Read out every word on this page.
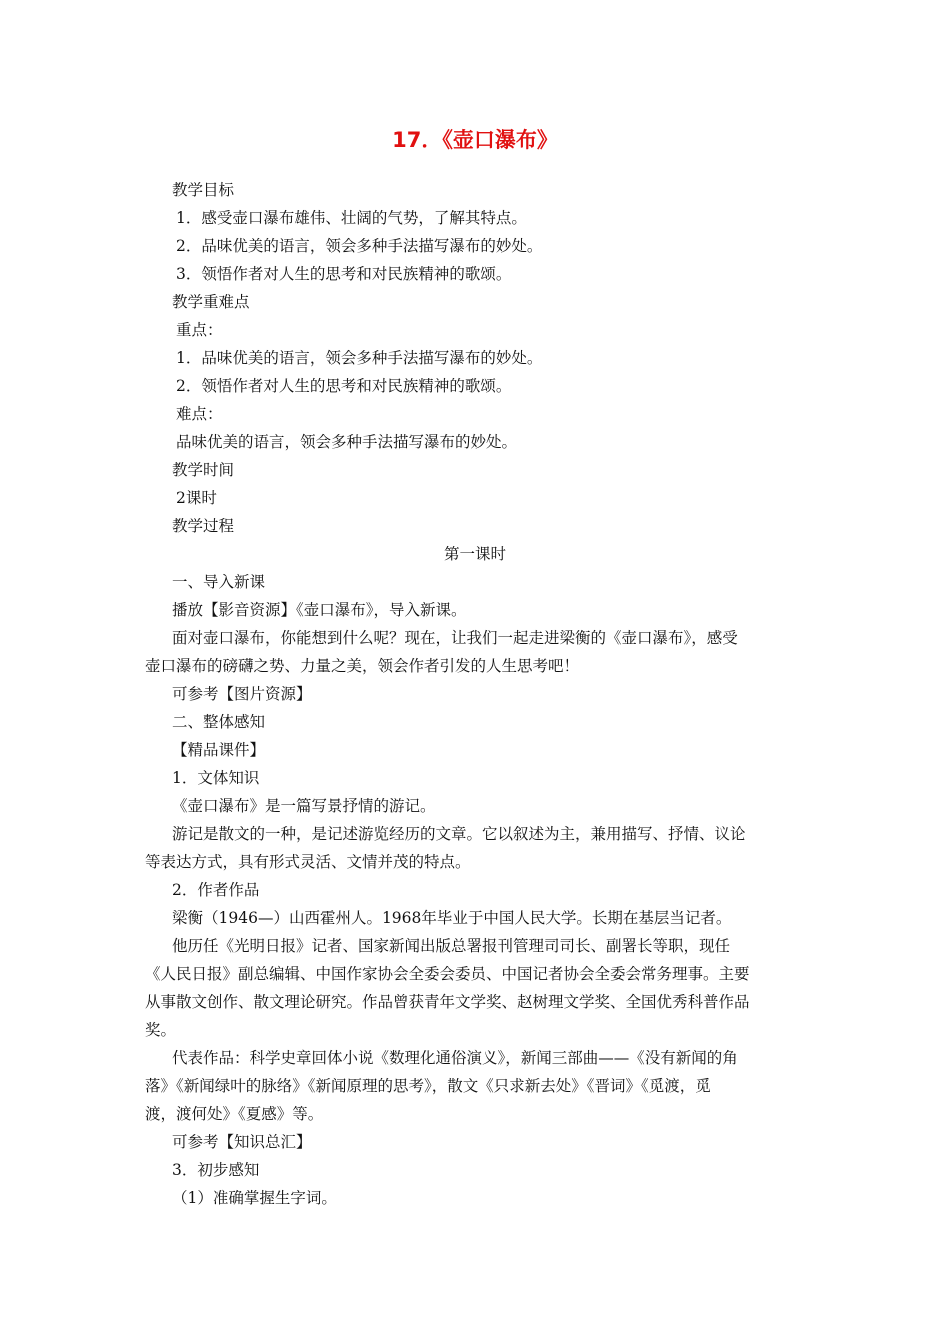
17．《壶口瀑布》
教学目标
1．感受壶口瀑布雄伟、壮阔的气势，了解其特点。
2．品味优美的语言，领会多种手法描写瀑布的妙处。
3．领悟作者对人生的思考和对民族精神的歌颂。
教学重难点
重点：
1．品味优美的语言，领会多种手法描写瀑布的妙处。
2．领悟作者对人生的思考和对民族精神的歌颂。
难点：
品味优美的语言，领会多种手法描写瀑布的妙处。
教学时间
2课时
教学过程
第一课时
一、导入新课
播放【影音资源】《壶口瀑布》，导入新课。
面对壶口瀑布，你能想到什么呢？现在，让我们一起走进梁衡的《壶口瀑布》，感受
壶口瀑布的磅礴之势、力量之美，领会作者引发的人生思考吧！
可参考【图片资源】
二、整体感知
【精品课件】
1．文体知识
《壶口瀑布》是一篇写景抒情的游记。
游记是散文的一种，是记述游览经历的文章。它以叙述为主，兼用描写、抒情、议论
等表达方式，具有形式灵活、文情并茂的特点。
2．作者作品
梁衡（1946—）山西霍州人。1968年毕业于中国人民大学。长期在基层当记者。
他历任《光明日报》记者、国家新闻出版总署报刊管理司司长、副署长等职，现任
《人民日报》副总编辑、中国作家协会全委会委员、中国记者协会全委会常务理事。主要
从事散文创作、散文理论研究。作品曾获青年文学奖、赵树理文学奖、全国优秀科普作品
奖。
代表作品：科学史章回体小说《数理化通俗演义》，新闻三部曲——《没有新闻的角
落》《新闻绿叶的脉络》《新闻原理的思考》，散文《只求新去处》《晋词》《觅渡，觅
渡，渡何处》《夏感》等。
可参考【知识总汇】
3．初步感知
（1）准确掌握生字词。
